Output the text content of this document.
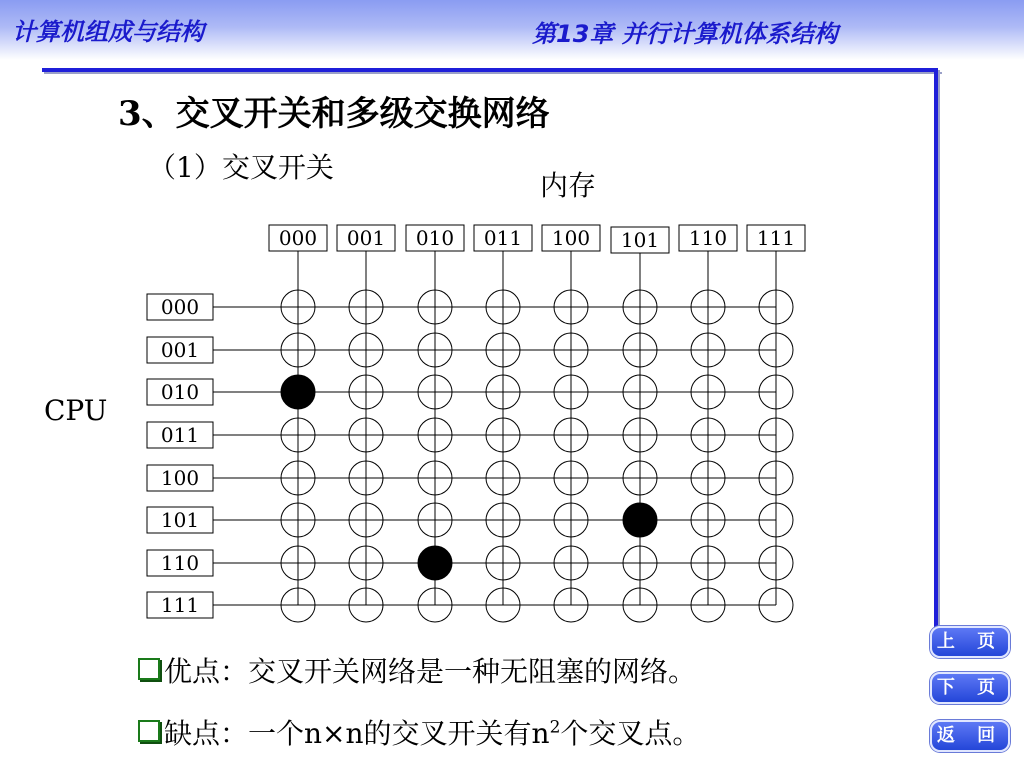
计算机组成与结构	第13章 并行计算机体系结构
3、交叉开关和多级交换网络
（1）交叉开关
内存
CPU
000 001 010 011 100 101 110 111
000
001
010
011
100
101
110
111
优点：交叉开关网络是一种无阻塞的网络。
缺点：一个n×n的交叉开关有$n^2$个交叉点。
上 页
下 页
返 回
